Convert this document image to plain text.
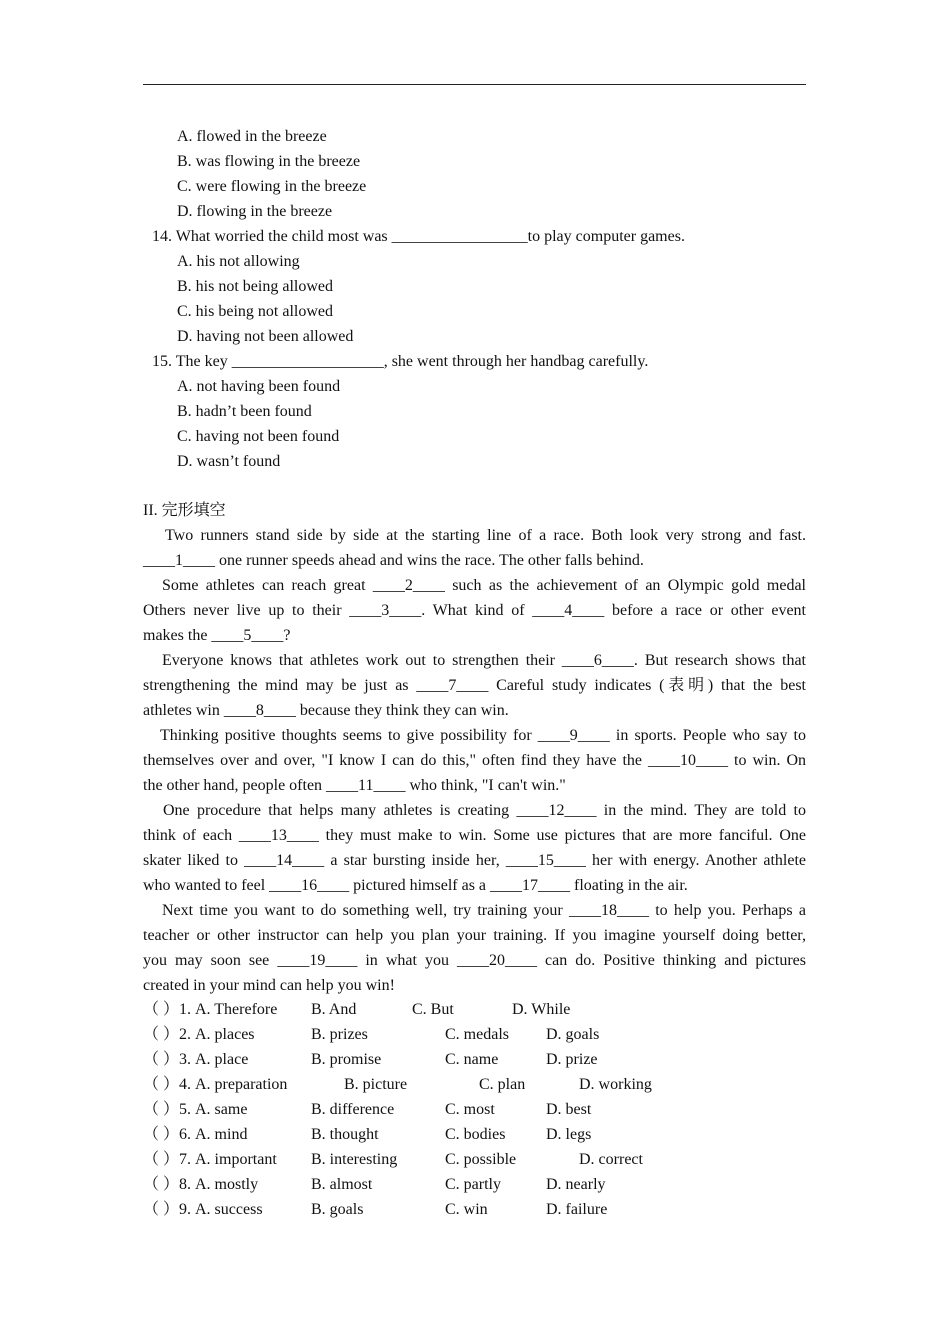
A. flowed in the breeze
B. was flowing in the breeze
C. were flowing in the breeze
D. flowing in the breeze
14. What worried the child most was _________________to play computer games.
A. his not allowing
B. his not being allowed
C. his being not allowed
D. having not been allowed
15. The key ___________________, she went through her handbag carefully.
A. not having been found
B. hadn’t been found
C. having not been found
D. wasn’t found
II. 完形填空
Two runners stand side by side at the starting line of a race. Both look very strong and fast.
____1____ one runner speeds ahead and wins the race. The other falls behind.
Some athletes can reach great ____2____ such as the achievement of an Olympic gold medal
Others never live up to their ____3____. What kind of ____4____ before a race or other event
makes the ____5____?
Everyone knows that athletes work out to strengthen their ____6____. But research shows that
strengthening the mind may be just as ____7____ Careful study indicates (表明) that the best
athletes win ____8____ because they think they can win.
Thinking positive thoughts seems to give possibility for ____9____ in sports. People who say to
themselves over and over, "I know I can do this," often find they have the ____10____ to win. On
the other hand, people often ____11____ who think, "I can't win."
One procedure that helps many athletes is creating ____12____ in the mind. They are told to
think of each ____13____ they must make to win. Some use pictures that are more fanciful. One
skater liked to ____14____ a star bursting inside her, ____15____ her with energy. Another athlete
who wanted to feel ____16____ pictured himself as a ____17____ floating in the air.
Next time you want to do something well, try training your ____18____ to help you. Perhaps a
teacher or other instructor can help you plan your training. If you imagine yourself doing better,
you may soon see ____19____ in what you ____20____ can do. Positive thinking and pictures
created in your mind can help you win!
（ ）1. A. Therefore B. And	C. But	D. While
（ ）2. A. places	B. prizes	C. medals D. goals
（ ）3. A. place	B. promise	C. name	D. prize
（ ）4. A. preparation	B. picture	C. plan	D. working
（ ）5. A. same	B. difference	C. most	D. best
（ ）6. A. mind	B. thought	C. bodies	D. legs
（ ）7. A. important B. interesting	C. possible	D. correct
（ ）8. A. mostly	B. almost	C. partly	D. nearly
（ ）9. A. success	B. goals	C. win	D. failure
